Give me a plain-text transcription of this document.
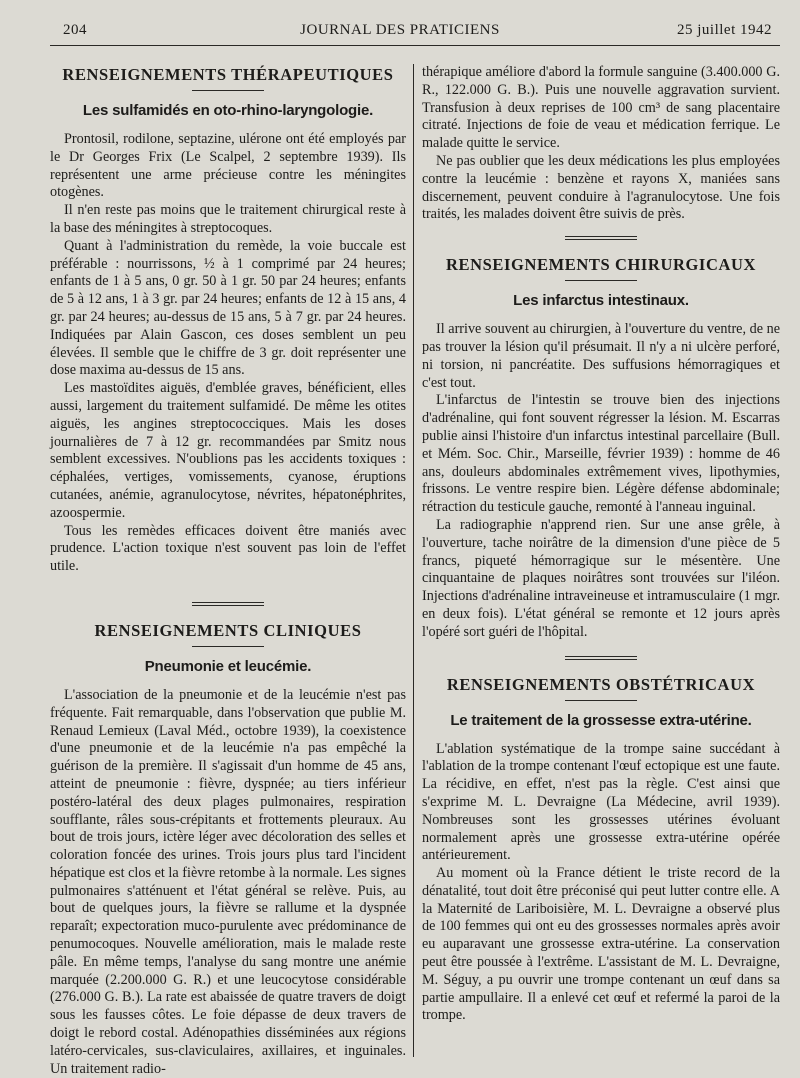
204	JOURNAL DES PRATICIENS	25 juillet 1942
RENSEIGNEMENTS THÉRAPEUTIQUES
Les sulfamidés en oto-rhino-laryngologie.

Prontosil, rodilone, septazine, ulérone ont été employés par le Dr Georges Frix (Le Scalpel, 2 septembre 1939). Ils représentent une arme précieuse contre les méningites otogènes.

Il n'en reste pas moins que le traitement chirurgical reste à la base des méningites à streptocoques.

Quant à l'administration du remède, la voie buccale est préférable : nourrissons, ½ à 1 comprimé par 24 heures; enfants de 1 à 5 ans, 0 gr. 50 à 1 gr. 50 par 24 heures; enfants de 5 à 12 ans, 1 à 3 gr. par 24 heures; enfants de 12 à 15 ans, 4 gr. par 24 heures; au-dessus de 15 ans, 5 à 7 gr. par 24 heures. Indiquées par Alain Gascon, ces doses semblent un peu élevées. Il semble que le chiffre de 3 gr. doit représenter une dose maxima au-dessus de 15 ans.

Les mastoïdites aiguës, d'emblée graves, bénéficient, elles aussi, largement du traitement sulfamidé. De même les otites aiguës, les angines streptococciques. Mais les doses journalières de 7 à 12 gr. recommandées par Smitz nous semblent excessives. N'oublions pas les accidents toxiques : céphalées, vertiges, vomissements, cyanose, éruptions cutanées, anémie, agranulocytose, névrites, hépatonéphrites, azoospermie.

Tous les remèdes efficaces doivent être maniés avec prudence. L'action toxique n'est souvent pas loin de l'effet utile.

RENSEIGNEMENTS CLINIQUES
Pneumonie et leucémie.

L'association de la pneumonie et de la leucémie n'est pas fréquente. Fait remarquable, dans l'observation que publie M. Renaud Lemieux (Laval Méd., octobre 1939), la coexistence d'une pneumonie et de la leucémie n'a pas empêché la guérison de la première. Il s'agissait d'un homme de 45 ans, atteint de pneumonie : fièvre, dyspnée; au tiers inférieur postéro-latéral des deux plages pulmonaires, respiration soufflante, râles sous-crépitants et frottements pleuraux. Au bout de trois jours, ictère léger avec décoloration des selles et coloration foncée des urines. Trois jours plus tard l'incident hépatique est clos et la fièvre retombe à la normale. Les signes pulmonaires s'atténuent et l'état général se relève. Puis, au bout de quelques jours, la fièvre se rallume et la dyspnée reparaît; expectoration muco-purulente avec prédominance de penumocoques. Nouvelle amélioration, mais le malade reste pâle. En même temps, l'analyse du sang montre une anémie marquée (2.200.000 G. R.) et une leucocytose considérable (276.000 G. B.). La rate est abaissée de quatre travers de doigt sous les fausses côtes. Le foie dépasse de deux travers de doigt le rebord costal. Adénopathies disséminées aux régions latéro-cervicales, sus-claviculaires, axillaires, et inguinales. Un traitement radio-

thérapique améliore d'abord la formule sanguine (3.400.000 G. R., 122.000 G. B.). Puis une nouvelle aggravation survient. Transfusion à deux reprises de 100 cm³ de sang placentaire citraté. Injections de foie de veau et médication ferrique. Le malade quitte le service.

Ne pas oublier que les deux médications les plus employées contre la leucémie : benzène et rayons X, maniées sans discernement, peuvent conduire à l'agranulocytose. Une fois traités, les malades doivent être suivis de près.

RENSEIGNEMENTS CHIRURGICAUX
Les infarctus intestinaux.

Il arrive souvent au chirurgien, à l'ouverture du ventre, de ne pas trouver la lésion qu'il présumait. Il n'y a ni ulcère perforé, ni torsion, ni pancréatite. Des suffusions hémorragiques et c'est tout.

L'infarctus de l'intestin se trouve bien des injections d'adrénaline, qui font souvent régresser la lésion. M. Escarras publie ainsi l'histoire d'un infarctus intestinal parcellaire (Bull. et Mém. Soc. Chir., Marseille, février 1939) : homme de 46 ans, douleurs abdominales extrêmement vives, lipothymies, frissons. Le ventre respire bien. Légère défense abdominale; rétraction du testicule gauche, remonté à l'anneau inguinal.

La radiographie n'apprend rien. Sur une anse grêle, à l'ouverture, tache noirâtre de la dimension d'une pièce de 5 francs, piqueté hémorragique sur le mésentère. Une cinquantaine de plaques noirâtres sont trouvées sur l'iléon. Injections d'adrénaline intraveineuse et intramusculaire (1 mgr. en deux fois). L'état général se remonte et 12 jours après l'opéré sort guéri de l'hôpital.

RENSEIGNEMENTS OBSTÉTRICAUX
Le traitement de la grossesse extra-utérine.

L'ablation systématique de la trompe saine succédant à l'ablation de la trompe contenant l'œuf ectopique est une faute. La récidive, en effet, n'est pas la règle. C'est ainsi que s'exprime M. L. Devraigne (La Médecine, avril 1939). Nombreuses sont les grossesses utérines évoluant normalement après une grossesse extra-utérine opérée antérieurement.

Au moment où la France détient le triste record de la dénatalité, tout doit être préconisé qui peut lutter contre elle. A la Maternité de Lariboisière, M. L. Devraigne a observé plus de 100 femmes qui ont eu des grossesses normales après avoir eu auparavant une grossesse extra-utérine. La conservation peut être poussée à l'extrême. L'assistant de M. L. Devraigne, M. Séguy, a pu ouvrir une trompe contenant un œuf dans sa partie ampullaire. Il a enlevé cet œuf et refermé la paroi de la trompe.
